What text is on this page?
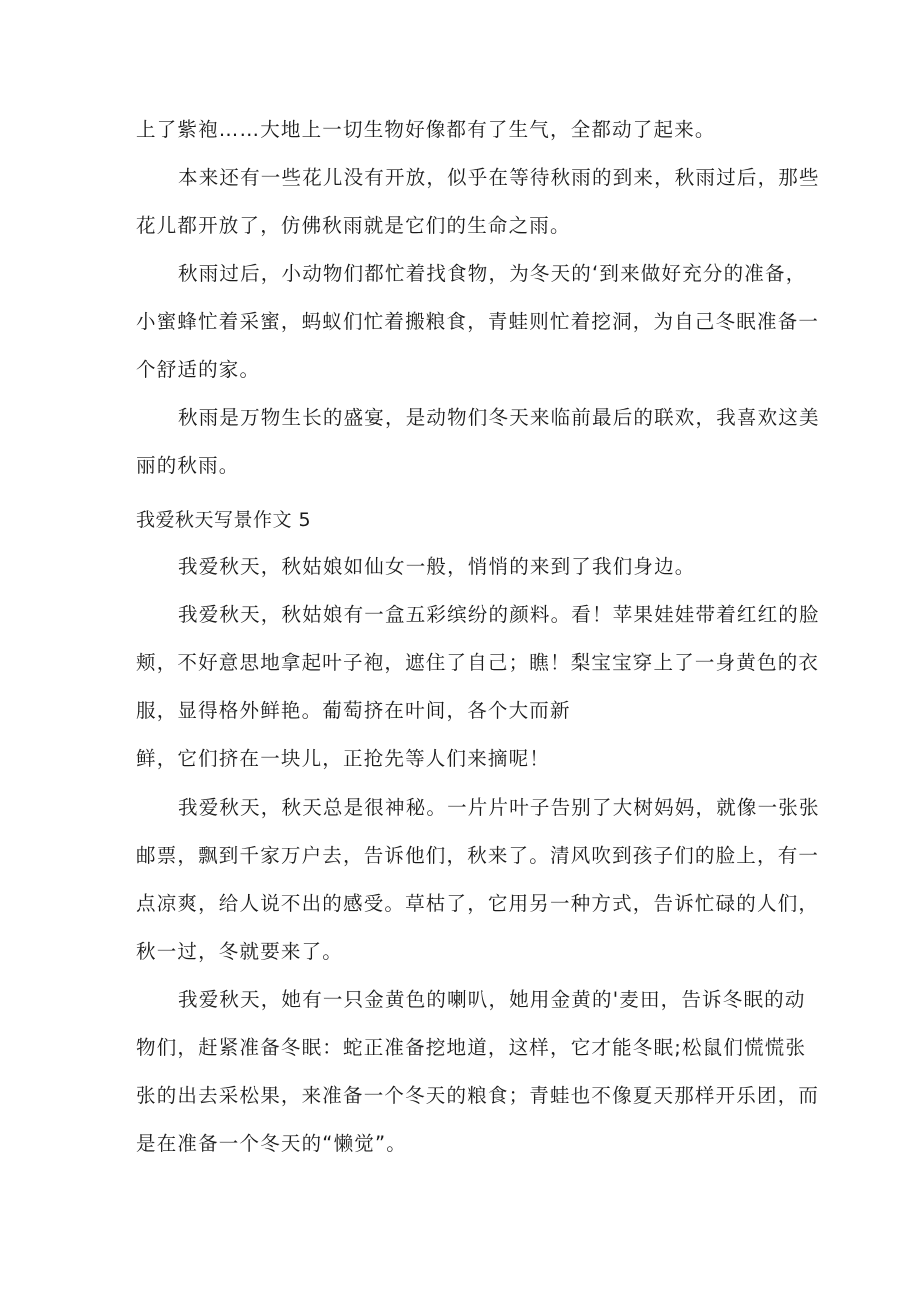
上了紫袍……大地上一切生物好像都有了生气，全都动了起来。
本来还有一些花儿没有开放，似乎在等待秋雨的到来，秋雨过后，那些
花儿都开放了，仿佛秋雨就是它们的生命之雨。
秋雨过后，小动物们都忙着找食物，为冬天的‘到来做好充分的准备，
小蜜蜂忙着采蜜，蚂蚁们忙着搬粮食，青蛙则忙着挖洞，为自己冬眠准备一
个舒适的家。
秋雨是万物生长的盛宴，是动物们冬天来临前最后的联欢，我喜欢这美
丽的秋雨。
我爱秋天写景作文 5
我爱秋天，秋姑娘如仙女一般，悄悄的来到了我们身边。
我爱秋天，秋姑娘有一盒五彩缤纷的颜料。看！苹果娃娃带着红红的脸
颊，不好意思地拿起叶子袍，遮住了自己；瞧！梨宝宝穿上了一身黄色的衣
服，显得格外鲜艳。葡萄挤在叶间，各个大而新
鲜，它们挤在一块儿，正抢先等人们来摘呢！
我爱秋天，秋天总是很神秘。一片片叶子告别了大树妈妈，就像一张张
邮票，飘到千家万户去，告诉他们，秋来了。清风吹到孩子们的脸上，有一
点凉爽，给人说不出的感受。草枯了，它用另一种方式，告诉忙碌的人们，
秋一过，冬就要来了。
我爱秋天，她有一只金黄色的喇叭，她用金黄的'麦田，告诉冬眠的动
物们，赶紧准备冬眠：蛇正准备挖地道，这样，它才能冬眠;松鼠们慌慌张
张的出去采松果，来准备一个冬天的粮食；青蛙也不像夏天那样开乐团，而
是在准备一个冬天的“懒觉”。
